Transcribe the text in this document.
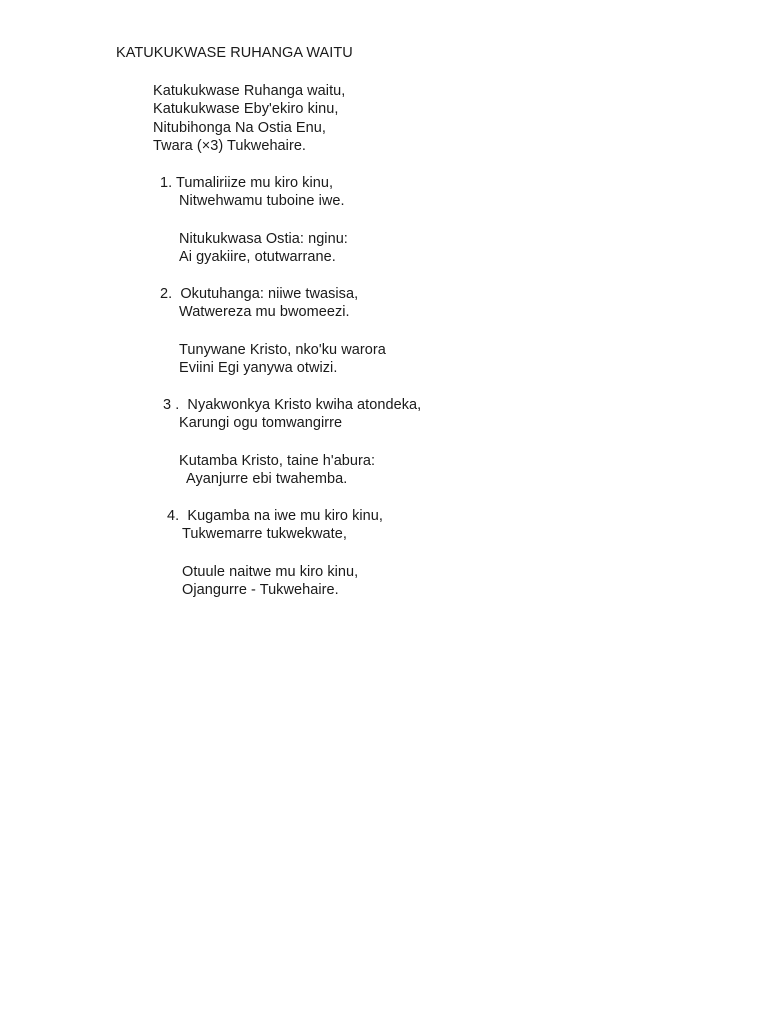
KATUKUKWASE RUHANGA WAITU
Katukukwase Ruhanga waitu,
Katukukwase Eby'ekiro kinu,
Nitubihonga Na Ostia Enu,
Twara (×3) Tukwehaire.
1. Tumaliriize mu kiro kinu,
Nitwehwamu tuboine iwe.
Nitukukwasa Ostia: nginu:
Ai gyakiire, otutwarrane.
2.  Okutuhanga: niiwe twasisa,
Watwereza mu bwomeezi.
Tunywane Kristo, nko'ku warora
Eviini Egi yanywa otwizi.
3 .  Nyakwonkya Kristo kwiha atondeka,
Karungi ogu tomwangirre
Kutamba Kristo, taine h'abura:
Ayanjurre ebi twahemba.
4.  Kugamba na iwe mu kiro kinu,
Tukwemarre tukwekwate,
Otuule naitwe mu kiro kinu,
Ojangurre - Tukwehaire.
